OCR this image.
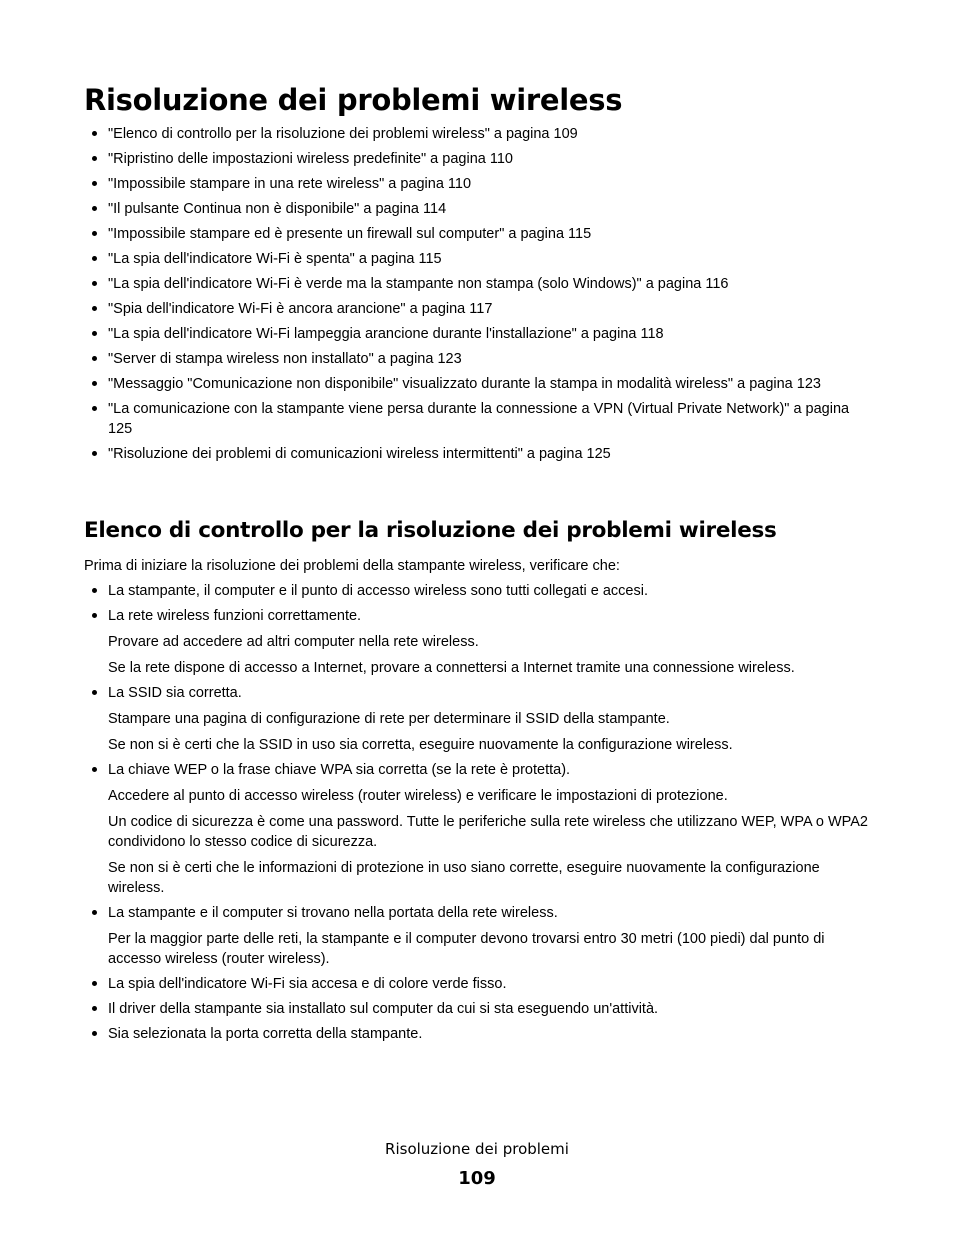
Risoluzione dei problemi wireless
"Elenco di controllo per la risoluzione dei problemi wireless" a pagina 109
"Ripristino delle impostazioni wireless predefinite" a pagina 110
"Impossibile stampare in una rete wireless" a pagina 110
"Il pulsante Continua non è disponibile" a pagina 114
"Impossibile stampare ed è presente un firewall sul computer" a pagina 115
"La spia dell'indicatore Wi-Fi è spenta" a pagina 115
"La spia dell'indicatore Wi-Fi è verde ma la stampante non stampa (solo Windows)" a pagina 116
"Spia dell'indicatore Wi-Fi è ancora arancione" a pagina 117
"La spia dell'indicatore Wi-Fi lampeggia arancione durante l'installazione" a pagina 118
"Server di stampa wireless non installato" a pagina 123
"Messaggio "Comunicazione non disponibile" visualizzato durante la stampa in modalità wireless" a pagina 123
"La comunicazione con la stampante viene persa durante la connessione a VPN (Virtual Private Network)" a pagina 125
"Risoluzione dei problemi di comunicazioni wireless intermittenti" a pagina 125
Elenco di controllo per la risoluzione dei problemi wireless

Prima di iniziare la risoluzione dei problemi della stampante wireless, verificare che:

La stampante, il computer e il punto di accesso wireless sono tutti collegati e accesi.
La rete wireless funzioni correttamente.

Provare ad accedere ad altri computer nella rete wireless.

Se la rete dispone di accesso a Internet, provare a connettersi a Internet tramite una connessione wireless.

La SSID sia corretta.

Stampare una pagina di configurazione di rete per determinare il SSID della stampante.

Se non si è certi che la SSID in uso sia corretta, eseguire nuovamente la configurazione wireless.

La chiave WEP o la frase chiave WPA sia corretta (se la rete è protetta).

Accedere al punto di accesso wireless (router wireless) e verificare le impostazioni di protezione.

Un codice di sicurezza è come una password. Tutte le periferiche sulla rete wireless che utilizzano WEP, WPA o WPA2 condividono lo stesso codice di sicurezza.

Se non si è certi che le informazioni di protezione in uso siano corrette, eseguire nuovamente la configurazione wireless.

La stampante e il computer si trovano nella portata della rete wireless.

Per la maggior parte delle reti, la stampante e il computer devono trovarsi entro 30 metri (100 piedi) dal punto di accesso wireless (router wireless).

La spia dell'indicatore Wi-Fi sia accesa e di colore verde fisso.
Il driver della stampante sia installato sul computer da cui si sta eseguendo un'attività.
Sia selezionata la porta corretta della stampante.
Risoluzione dei problemi
109
